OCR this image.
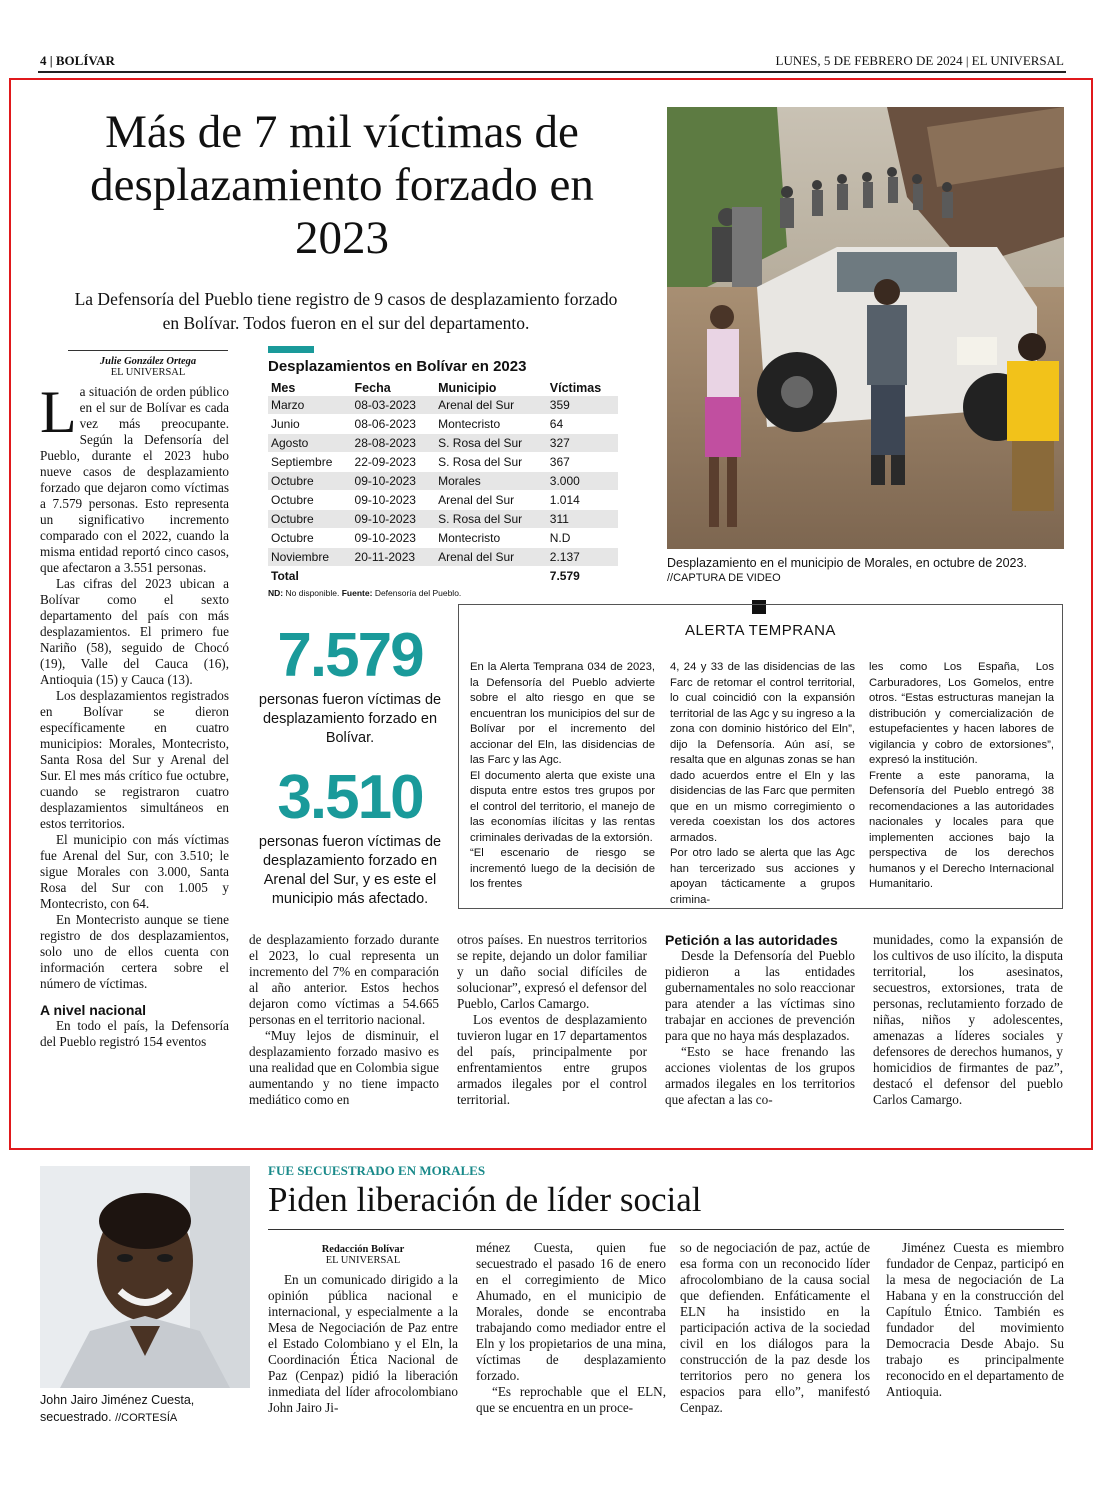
4 | BOLÍVAR	LUNES, 5 DE FEBRERO DE 2024 | EL UNIVERSAL
Más de 7 mil víctimas de desplazamiento forzado en 2023
La Defensoría del Pueblo tiene registro de 9 casos de desplazamiento forzado en Bolívar. Todos fueron en el sur del departamento.
Julie González Ortega
EL UNIVERSAL

La situación de orden público en el sur de Bolívar es cada vez más preocupante. Según la Defensoría del Pueblo, durante el 2023 hubo nueve casos de desplazamiento forzado que dejaron como víctimas a 7.579 personas. Esto representa un significativo incremento comparado con el 2022, cuando la misma entidad reportó cinco casos, que afectaron a 3.551 personas.

Las cifras del 2023 ubican a Bolívar como el sexto departamento del país con más desplazamientos. El primero fue Nariño (58), seguido de Chocó (19), Valle del Cauca (16), Antioquia (15) y Cauca (13).

Los desplazamientos registrados en Bolívar se dieron específicamente en cuatro municipios: Morales, Montecristo, Santa Rosa del Sur y Arenal del Sur. El mes más crítico fue octubre, cuando se registraron cuatro desplazamientos simultáneos en estos territorios.

El municipio con más víctimas fue Arenal del Sur, con 3.510; le sigue Morales con 3.000, Santa Rosa del Sur con 1.005 y Montecristo, con 64.

En Montecristo aunque se tiene registro de dos desplazamientos, solo uno de ellos cuenta con información certera sobre el número de víctimas.

A nivel nacional

En todo el país, la Defensoría del Pueblo registró 154 eventos

Desplazamientos en Bolívar en 2023
Mes	Fecha	Municipio	Víctimas
Marzo	08-03-2023	Arenal del Sur	359
Junio	08-06-2023	Montecristo	64
Agosto	28-08-2023	S. Rosa del Sur	327
Septiembre	22-09-2023	S. Rosa del Sur	367
Octubre	09-10-2023	Morales	3.000
Octubre	09-10-2023	Arenal del Sur	1.014
Octubre	09-10-2023	S. Rosa del Sur	311
Octubre	09-10-2023	Montecristo	N.D
Noviembre	20-11-2023	Arenal del Sur	2.137
Total			7.579
ND: No disponible. Fuente: Defensoría del Pueblo.
7.579
personas fueron víctimas de desplazamiento forzado en Bolívar.
3.510
personas fueron víctimas de desplazamiento forzado en Arenal del Sur, y es este el municipio más afectado.
Desplazamiento en el municipio de Morales, en octubre de 2023.
//CAPTURA DE VIDEO
ALERTA TEMPRANA

En la Alerta Temprana 034 de 2023, la Defensoría del Pueblo advierte sobre el alto riesgo en que se encuentran los municipios del sur de Bolívar por el incremento del accionar del Eln, las disidencias de las Farc y las Agc.

El documento alerta que existe una disputa entre estos tres grupos por el control del territorio, el manejo de las economías ilícitas y las rentas criminales derivadas de la extorsión.

“El escenario de riesgo se incrementó luego de la decisión de los frentes

4, 24 y 33 de las disidencias de las Farc de retomar el control territorial, lo cual coincidió con la expansión territorial de las Agc y su ingreso a la zona con dominio histórico del Eln”, dijo la Defensoría. Aún así, se resalta que en algunas zonas se han dado acuerdos entre el Eln y las disidencias de las Farc que permiten que en un mismo corregimiento o vereda coexistan los dos actores armados.

Por otro lado se alerta que las Agc han tercerizado sus acciones y apoyan tácticamente a grupos crimina-

les como Los España, Los Carburadores, Los Gomelos, entre otros. “Estas estructuras manejan la distribución y comercialización de estupefacientes y hacen labores de vigilancia y cobro de extorsiones”, expresó la institución.

Frente a este panorama, la Defensoría del Pueblo entregó 38 recomendaciones a las autoridades nacionales y locales para que implementen acciones bajo la perspectiva de los derechos humanos y el Derecho Internacional Humanitario.

de desplazamiento forzado durante el 2023, lo cual representa un incremento del 7% en comparación al año anterior. Estos hechos dejaron como víctimas a 54.665 personas en el territorio nacional.

“Muy lejos de disminuir, el desplazamiento forzado masivo es una realidad que en Colombia sigue aumentando y no tiene impacto mediático como en

otros países. En nuestros territorios se repite, dejando un dolor familiar y un daño social difíciles de solucionar”, expresó el defensor del Pueblo, Carlos Camargo.

Los eventos de desplazamiento tuvieron lugar en 17 departamentos del país, principalmente por enfrentamientos entre grupos armados ilegales por el control territorial.

Petición a las autoridades

Desde la Defensoría del Pueblo pidieron a las entidades gubernamentales no solo reaccionar para atender a las víctimas sino trabajar en acciones de prevención para que no haya más desplazados.

“Esto se hace frenando las acciones violentas de los grupos armados ilegales en los territorios que afectan a las co-

munidades, como la expansión de los cultivos de uso ilícito, la disputa territorial, los asesinatos, secuestros, extorsiones, trata de personas, reclutamiento forzado de niñas, niños y adolescentes, amenazas a líderes sociales y defensores de derechos humanos, y homicidios de firmantes de paz”, destacó el defensor del pueblo Carlos Camargo.

John Jairo Jiménez Cuesta, secuestrado. //CORTESÍA
FUE SECUESTRADO EN MORALES
Piden liberación de líder social
Redacción Bolívar
EL UNIVERSAL

En un comunicado dirigido a la opinión pública nacional e internacional, y especialmente a la Mesa de Negociación de Paz entre el Estado Colombiano y el Eln, la Coordinación Ética Nacional de Paz (Cenpaz) pidió la liberación inmediata del líder afrocolombiano John Jairo Ji-

ménez Cuesta, quien fue secuestrado el pasado 16 de enero en el corregimiento de Mico Ahumado, en el municipio de Morales, donde se encontraba trabajando como mediador entre el Eln y los propietarios de una mina, víctimas de desplazamiento forzado.

“Es reprochable que el ELN, que se encuentra en un proce-

so de negociación de paz, actúe de esa forma con un reconocido líder afrocolombiano de la causa social que defienden. Enfáticamente el ELN ha insistido en la participación activa de la sociedad civil en los diálogos para la construcción de la paz desde los territorios pero no genera los espacios para ello”, manifestó Cenpaz.

Jiménez Cuesta es miembro fundador de Cenpaz, participó en la mesa de negociación de La Habana y en la construcción del Capítulo Étnico. También es fundador del movimiento Democracia Desde Abajo. Su trabajo es principalmente reconocido en el departamento de Antioquia.
